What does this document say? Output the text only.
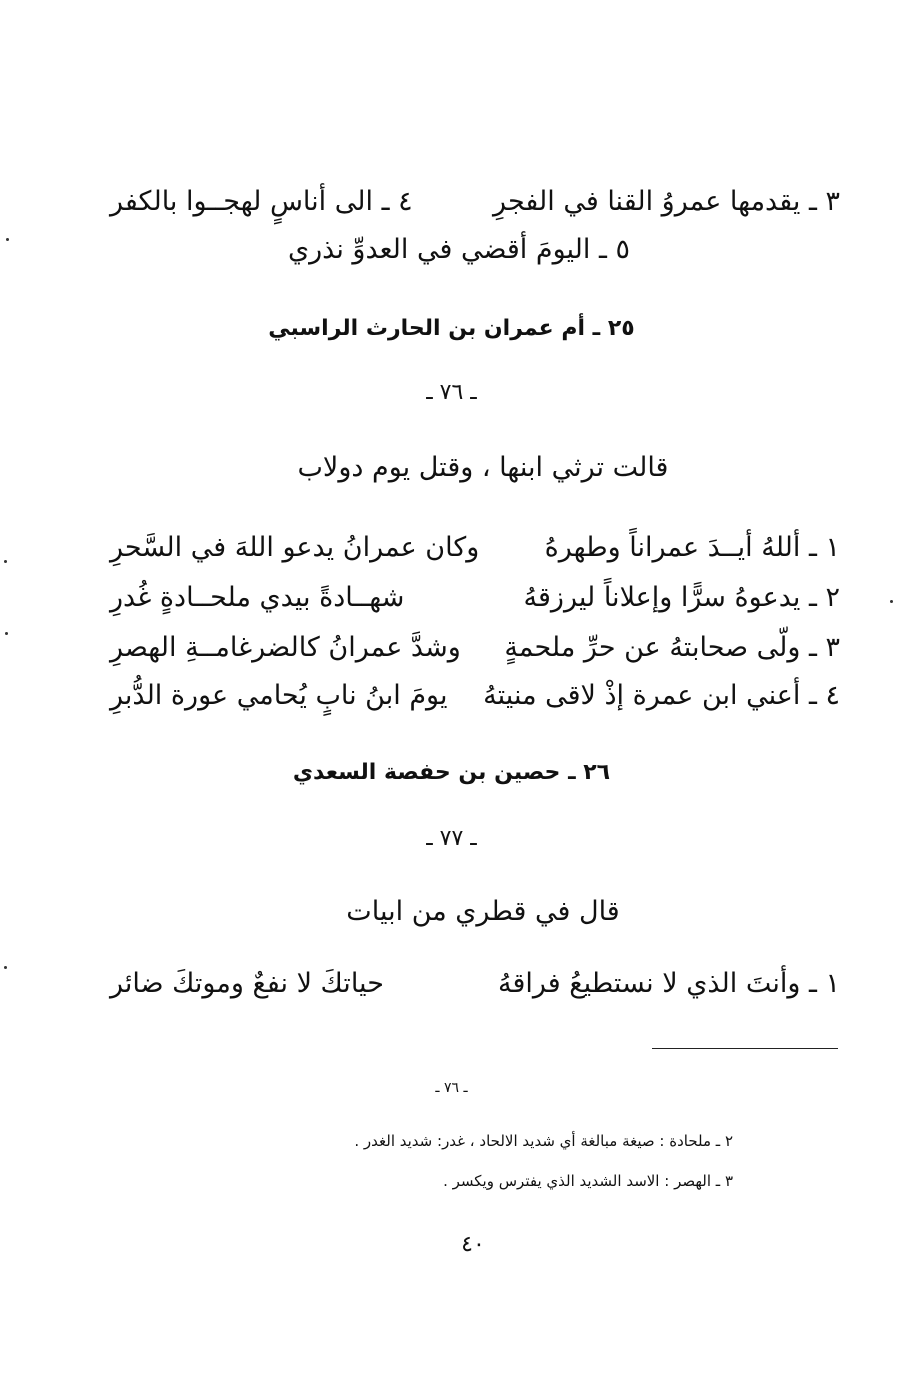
٣ ـ يقدمها عمروُ القنا في الفجرِ
٤ ـ الى أناسٍ لهجــوا بالكفر
٥ ـ اليومَ أقضي في العدوِّ نذري
٢٥ ـ أم عمران بن الحارث الراسبي
ـ ٧٦ ـ
قالت ترثي ابنها ، وقتل يوم دولاب
١ ـ أللهُ أيــدَ عمراناً وطهرهُ
وكان عمرانُ يدعو اللهَ في السَّحرِ
٢ ـ يدعوهُ سرًّا وإعلاناً ليرزقهُ
شهــادةً بيدي ملحــادةٍ غُدرِ
٣ ـ ولّى صحابتهُ عن حرِّ ملحمةٍ
وشدَّ عمرانُ كالضرغامــةِ الهصرِ
٤ ـ أعني ابن عمرة إذْ لاقى منيتهُ
يومَ ابنُ نابٍ يُحامي عورة الدُّبرِ
٢٦ ـ حصين بن حفصة السعدي
ـ ٧٧ ـ
قال في قطري من ابيات
١ ـ وأنتَ الذي لا نستطيعُ فراقهُ
حياتكَ لا نفعٌ وموتكَ ضائر
ـ ٧٦ ـ
٢ ـ ملحادة : صيغة مبالغة أي شديد الالحاد ، غدر: شديد الغدر .
٣ ـ الهصر : الاسد الشديد الذي يفترس ويكسر .
٤٠
